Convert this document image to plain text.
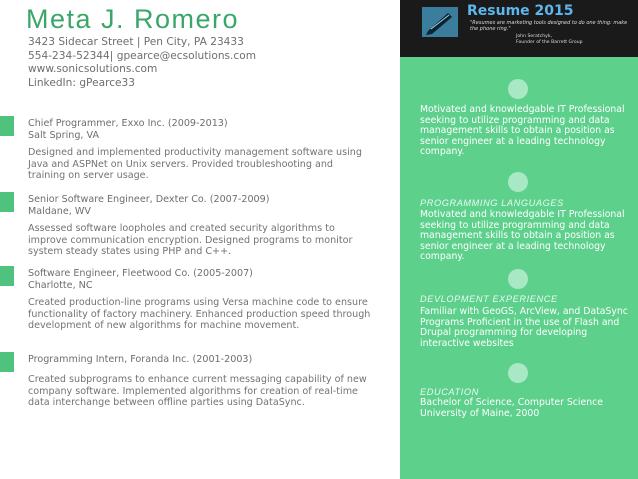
Meta J. Romero
3423 Sidecar Street | Pen City, PA 23433
554-234-52344| gpearce@ecsolutions.com
www.sonicsolutions.com
LinkedIn: gPearce33
Chief Programmer, Exxo Inc. (2009-2013)
Salt Spring, VA
Designed and implemented productivity management software using Java and ASPNet on Unix servers. Provided troubleshooting and training on server usage.
Senior Software Engineer, Dexter Co. (2007-2009)
Maldane, WV
Assessed software loopholes and created security algorithms to improve communication encryption. Designed programs to monitor system steady states using PHP and C++.
Software Engineer, Fleetwood Co. (2005-2007)
Charlotte, NC
Created production-line programs using Versa machine code to ensure functionality of factory machinery. Enhanced production speed through development of new algorithms for machine movement.
Programming Intern, Foranda Inc. (2001-2003)
Created subprograms to enhance current messaging capability of new company software. Implemented algorithms for creation of real-time data interchange between offline parties using DataSync.
Resume 2015
"Resumes are marketing tools designed to do one thing: make the phone ring."
John Seratchyk,
Founder of the Barrett Group
Motivated and knowledgable IT Professional seeking to utilize programming and data management skills to obtain a position as senior engineer at a leading technology company.
PROGRAMMING LANGUAGES
Motivated and knowledgable IT Professional seeking to utilize programming and data management skills to obtain a position as senior engineer at a leading technology company.
DEVLOPMENT EXPERIENCE
Familiar with GeoGS, ArcView, and DataSync Programs Proficient in the use of Flash and Drupal programming for developing interactive websites
EDUCATION
Bachelor of Science, Computer Science University of Maine, 2000
